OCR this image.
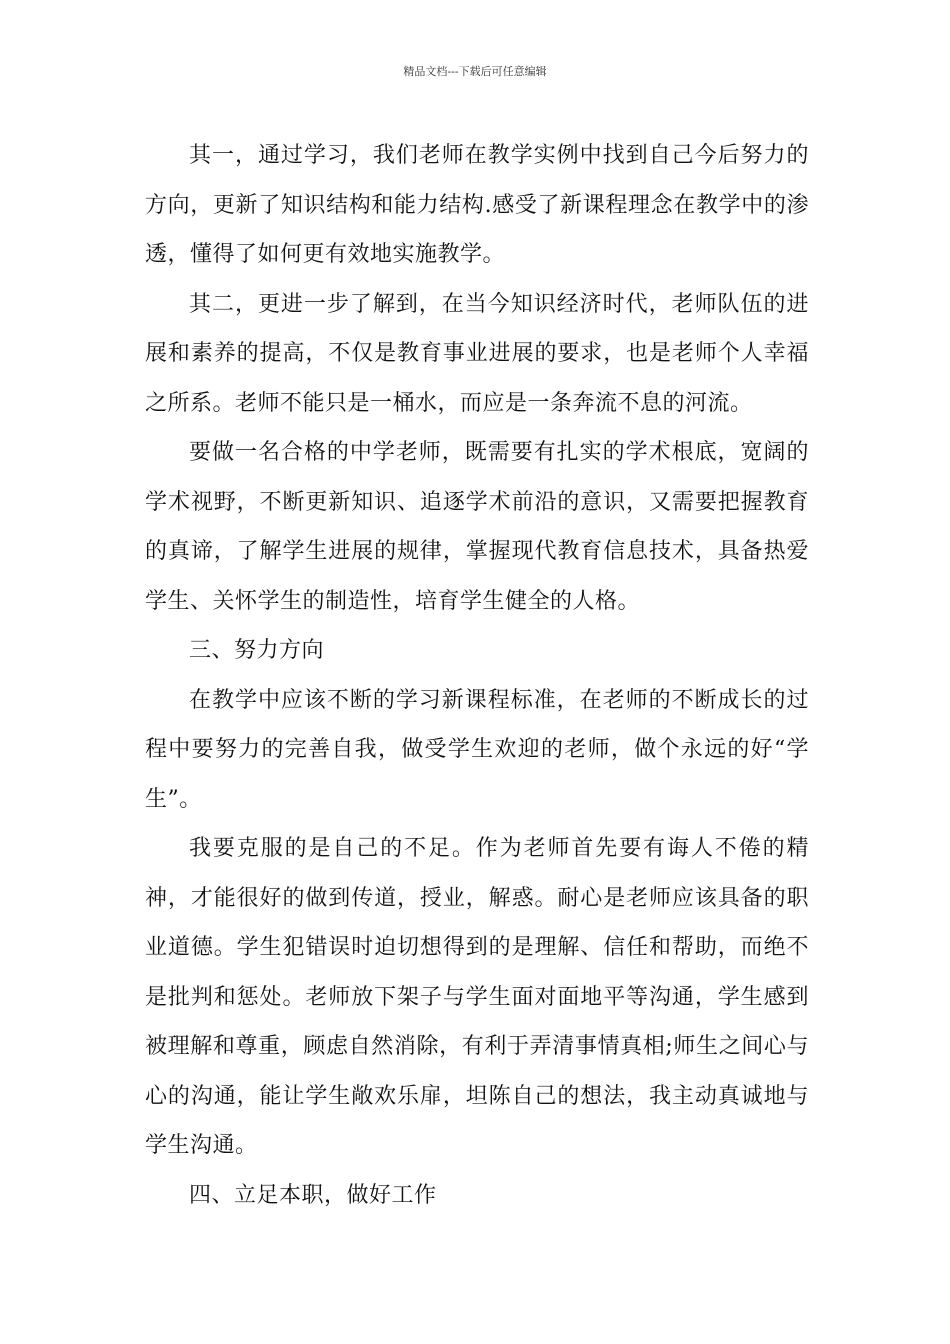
精品文档---下载后可任意编辑

其一，通过学习，我们老师在教学实例中找到自己今后努力的方向，更新了知识结构和能力结构.感受了新课程理念在教学中的渗透，懂得了如何更有效地实施教学。

其二，更进一步了解到，在当今知识经济时代，老师队伍的进展和素养的提高，不仅是教育事业进展的要求，也是老师个人幸福之所系。老师不能只是一桶水，而应是一条奔流不息的河流。

要做一名合格的中学老师，既需要有扎实的学术根底，宽阔的学术视野，不断更新知识、追逐学术前沿的意识，又需要把握教育的真谛，了解学生进展的规律，掌握现代教育信息技术，具备热爱学生、关怀学生的制造性，培育学生健全的人格。

三、努力方向

在教学中应该不断的学习新课程标准，在老师的不断成长的过程中要努力的完善自我，做受学生欢迎的老师，做个永远的好“学生”。

我要克服的是自己的不足。作为老师首先要有诲人不倦的精神，才能很好的做到传道，授业，解惑。耐心是老师应该具备的职业道德。学生犯错误时迫切想得到的是理解、信任和帮助，而绝不是批判和惩处。老师放下架子与学生面对面地平等沟通，学生感到被理解和尊重，顾虑自然消除，有利于弄清事情真相;师生之间心与心的沟通，能让学生敞欢乐扉，坦陈自己的想法，我主动真诚地与学生沟通。

四、立足本职，做好工作
